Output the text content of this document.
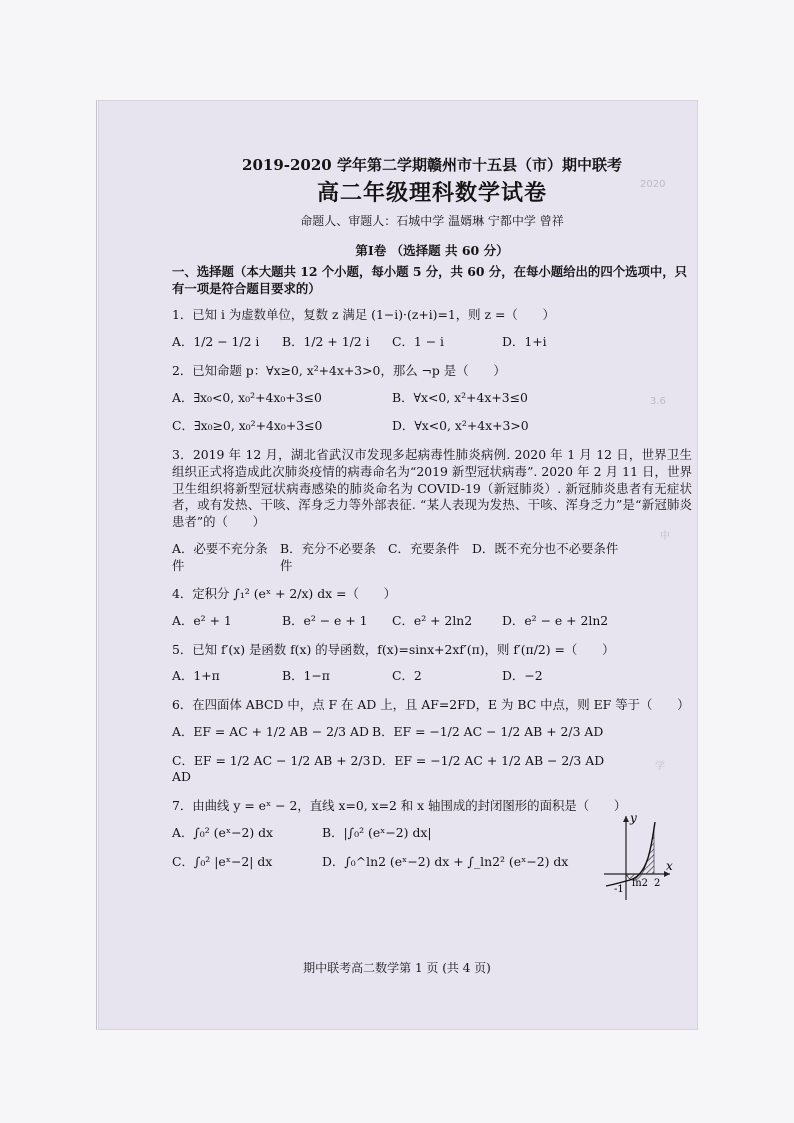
2020
3.6
中
学
2019-2020 学年第二学期赣州市十五县（市）期中联考
高二年级理科数学试卷
命题人、审题人：石城中学 温婿琳 宁都中学 曾祥
第Ⅰ卷 （选择题 共 60 分）
一、选择题（本大题共 12 个小题，每小题 5 分，共 60 分，在每小题给出的四个选项中，只有一项是符合题目要求的）
1．已知 i 为虚数单位，复数 z 满足 (1−i)·(z+i)=1，则 z =（　　）
A．1/2 − 1/2 i	B．1/2 + 1/2 i	C．1 − i	D．1+i
2．已知命题 p：∀x≥0, x²+4x+3>0，那么 ¬p 是（　　）
A．∃x₀<0, x₀²+4x₀+3≤0	B．∀x<0, x²+4x+3≤0
C．∃x₀≥0, x₀²+4x₀+3≤0	D．∀x<0, x²+4x+3>0
3．2019 年 12 月，湖北省武汉市发现多起病毒性肺炎病例. 2020 年 1 月 12 日，世界卫生组织正式将造成此次肺炎疫情的病毒命名为“2019 新型冠状病毒”. 2020 年 2 月 11 日，世界卫生组织将新型冠状病毒感染的肺炎命名为 COVID-19（新冠肺炎）. 新冠肺炎患者有无症状者，或有发热、干咳、浑身乏力等外部表征. “某人表现为发热、干咳、浑身乏力”是“新冠肺炎患者”的（　　）
A．必要不充分条件
B．充分不必要条件
C．充要条件	D．既不充分也不必要条件
4．定积分 ∫₁² (eˣ + 2/x) dx =（　　）
A．e² + 1	B．e² − e + 1	C．e² + 2ln2	D．e² − e + 2ln2
5．已知 f′(x) 是函数 f(x) 的导函数，f(x)=sinx+2xf′(π)，则 f′(π/2) =（　　）
A．1+π	B．1−π	C．2	D．−2
6．在四面体 ABCD 中，点 F 在 AD 上，且 AF=2FD，E 为 BC 中点，则 EF 等于（　　）
A．EF = AC + 1/2 AB − 2/3 AD B．EF = −1/2 AC − 1/2 AB + 2/3 AD
C．EF = 1/2 AC − 1/2 AB + 2/3 AD
D．EF = −1/2 AC + 1/2 AB − 2/3 AD
7．由曲线 y = eˣ − 2，直线 x=0, x=2 和 x 轴围成的封闭图形的面积是（　　）
A．∫₀² (eˣ−2) dx	B．|∫₀² (eˣ−2) dx|
C．∫₀² |eˣ−2| dx	D．∫₀^ln2 (eˣ−2) dx + ∫_ln2² (eˣ−2) dx
y
x
ln2 2
-1
期中联考高二数学第 1 页 (共 4 页)
